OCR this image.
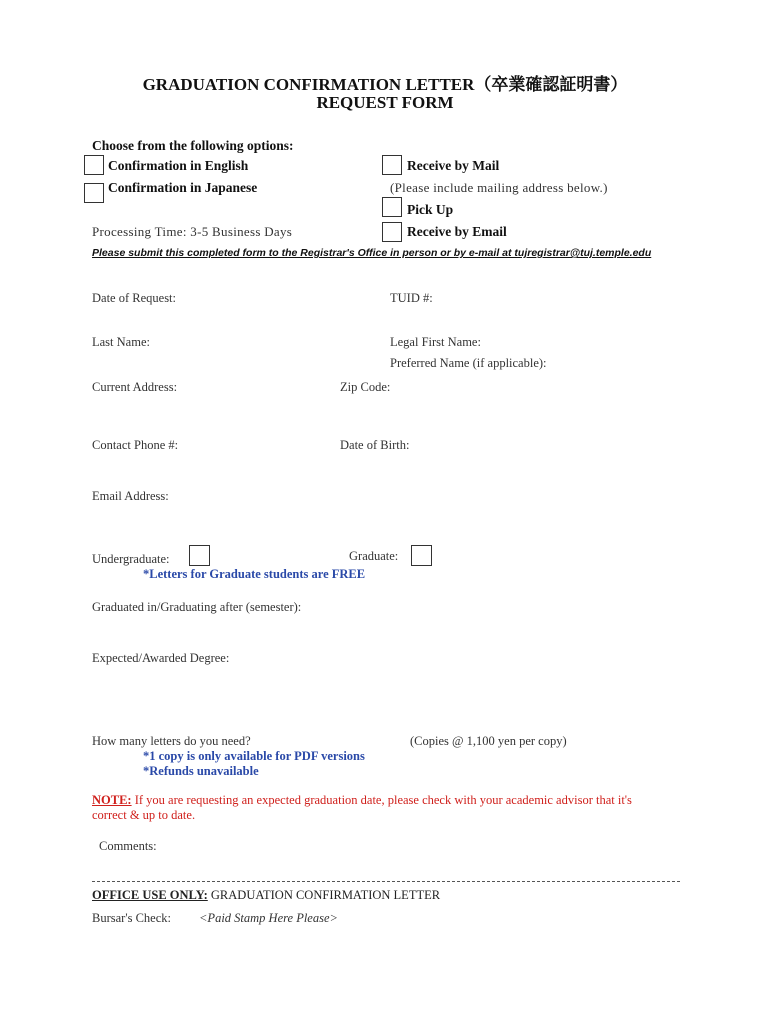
GRADUATION CONFIRMATION LETTER（卒業確認証明書）
REQUEST FORM
Choose from the following options:
Confirmation in English
Confirmation in Japanese
Receive by Mail
(Please include mailing address below.)
Pick Up
Processing Time: 3-5 Business Days	Receive by Email
Please submit this completed form to the Registrar's Office in person or by e-mail at tujregistrar@tuj.temple.edu
Date of Request:	TUID #:
Last Name:	Legal First Name:
Preferred Name (if applicable):
Current Address:	Zip Code:
Contact Phone #:	Date of Birth:
Email Address:
Undergraduate:	Graduate:
*Letters for Graduate students are FREE
Graduated in/Graduating after (semester):
Expected/Awarded Degree:
How many letters do you need?	(Copies @ 1,100 yen per copy)
*1 copy is only available for PDF versions
*Refunds unavailable
NOTE: If you are requesting an expected graduation date, please check with your academic advisor that it's
correct & up to date.
Comments:
OFFICE USE ONLY: GRADUATION CONFIRMATION LETTER
Bursar's Check: <Paid Stamp Here Please>
